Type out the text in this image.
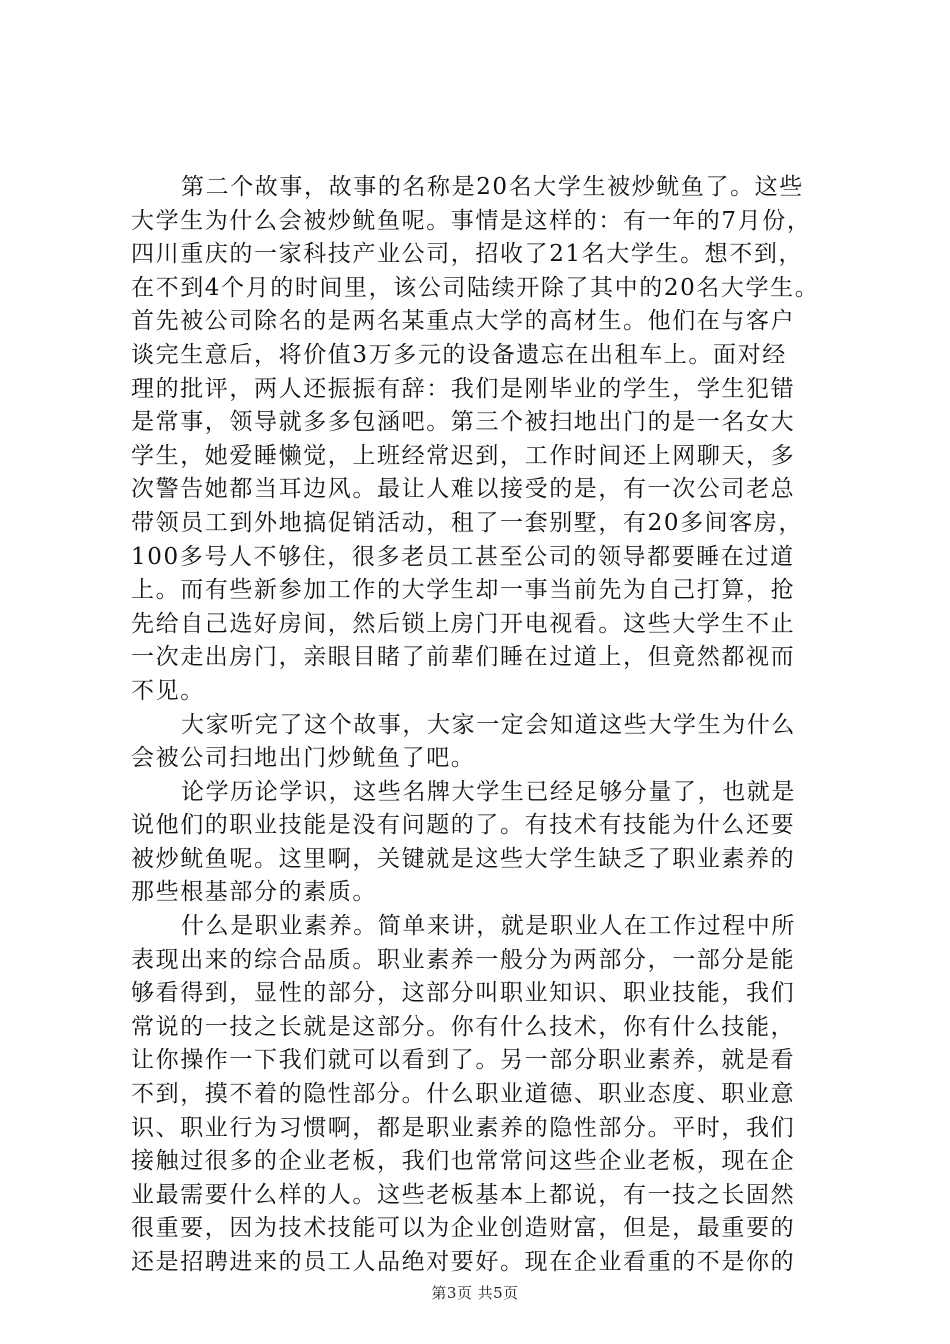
第二个故事，故事的名称是20名大学生被炒鱿鱼了。这些
大学生为什么会被炒鱿鱼呢。事情是这样的：有一年的7月份，
四川重庆的一家科技产业公司，招收了21名大学生。想不到，
在不到4个月的时间里，该公司陆续开除了其中的20名大学生。
首先被公司除名的是两名某重点大学的高材生。他们在与客户
谈完生意后，将价值3万多元的设备遗忘在出租车上。面对经
理的批评，两人还振振有辞：我们是刚毕业的学生，学生犯错
是常事，领导就多多包涵吧。第三个被扫地出门的是一名女大
学生，她爱睡懒觉，上班经常迟到，工作时间还上网聊天，多
次警告她都当耳边风。最让人难以接受的是，有一次公司老总
带领员工到外地搞促销活动，租了一套别墅，有20多间客房，
100多号人不够住，很多老员工甚至公司的领导都要睡在过道
上。而有些新参加工作的大学生却一事当前先为自己打算，抢
先给自己选好房间，然后锁上房门开电视看。这些大学生不止
一次走出房门，亲眼目睹了前辈们睡在过道上，但竟然都视而
不见。
大家听完了这个故事，大家一定会知道这些大学生为什么
会被公司扫地出门炒鱿鱼了吧。
论学历论学识，这些名牌大学生已经足够分量了，也就是
说他们的职业技能是没有问题的了。有技术有技能为什么还要
被炒鱿鱼呢。这里啊，关键就是这些大学生缺乏了职业素养的
那些根基部分的素质。
什么是职业素养。简单来讲，就是职业人在工作过程中所
表现出来的综合品质。职业素养一般分为两部分，一部分是能
够看得到，显性的部分，这部分叫职业知识、职业技能，我们
常说的一技之长就是这部分。你有什么技术，你有什么技能，
让你操作一下我们就可以看到了。另一部分职业素养，就是看
不到，摸不着的隐性部分。什么职业道德、职业态度、职业意
识、职业行为习惯啊，都是职业素养的隐性部分。平时，我们
接触过很多的企业老板，我们也常常问这些企业老板，现在企
业最需要什么样的人。这些老板基本上都说，有一技之长固然
很重要，因为技术技能可以为企业创造财富，但是，最重要的
还是招聘进来的员工人品绝对要好。现在企业看重的不是你的
第3页 共5页
